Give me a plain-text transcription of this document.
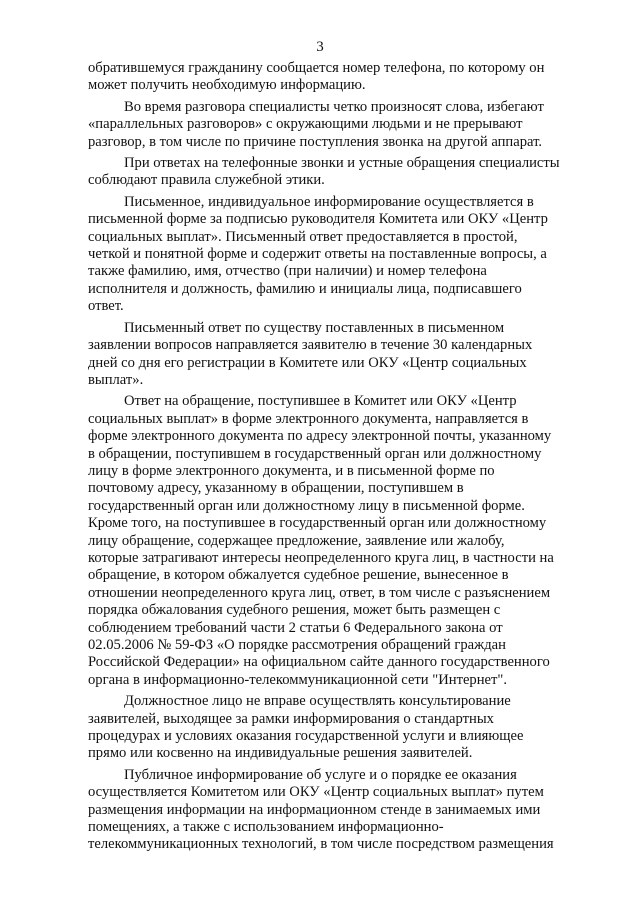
3

обратившемуся гражданину сообщается номер телефона, по которому он
может получить необходимую информацию.

Во время разговора специалисты четко произносят слова, избегают
«параллельных разговоров» с окружающими людьми и не прерывают
разговор, в том числе по причине поступления звонка на другой аппарат.

При ответах на телефонные звонки и устные обращения специалисты
соблюдают правила служебной этики.

Письменное, индивидуальное информирование осуществляется в
письменной форме за подписью руководителя Комитета или ОКУ «Центр
социальных выплат». Письменный ответ предоставляется в простой,
четкой и понятной форме и содержит ответы на поставленные вопросы, а
также фамилию, имя, отчество (при наличии) и номер телефона
исполнителя и должность, фамилию и инициалы лица, подписавшего
ответ.

Письменный ответ по существу поставленных в письменном
заявлении вопросов направляется заявителю в течение 30 календарных
дней со дня его регистрации в Комитете или ОКУ «Центр социальных
выплат».

Ответ на обращение, поступившее в Комитет или ОКУ «Центр
социальных выплат» в форме электронного документа, направляется в
форме электронного документа по адресу электронной почты, указанному
в обращении, поступившем в государственный орган или должностному
лицу в форме электронного документа, и в письменной форме по
почтовому адресу, указанному в обращении, поступившем в
государственный орган или должностному лицу в письменной форме.
Кроме того, на поступившее в государственный орган или должностному
лицу обращение, содержащее предложение, заявление или жалобу,
которые затрагивают интересы неопределенного круга лиц, в частности на
обращение, в котором обжалуется судебное решение, вынесенное в
отношении неопределенного круга лиц, ответ, в том числе с разъяснением
порядка обжалования судебного решения, может быть размещен с
соблюдением требований части 2 статьи 6 Федерального закона от
02.05.2006 № 59-ФЗ «О порядке рассмотрения обращений граждан
Российской Федерации» на официальном сайте данного государственного
органа в информационно-телекоммуникационной сети "Интернет".

Должностное лицо не вправе осуществлять консультирование
заявителей, выходящее за рамки информирования о стандартных
процедурах и условиях оказания государственной услуги и влияющее
прямо или косвенно на индивидуальные решения заявителей.

Публичное информирование об услуге и о порядке ее оказания
осуществляется Комитетом или ОКУ «Центр социальных выплат» путем
размещения информации на информационном стенде в занимаемых ими
помещениях, а также с использованием информационно-
телекоммуникационных технологий, в том числе посредством размещения
